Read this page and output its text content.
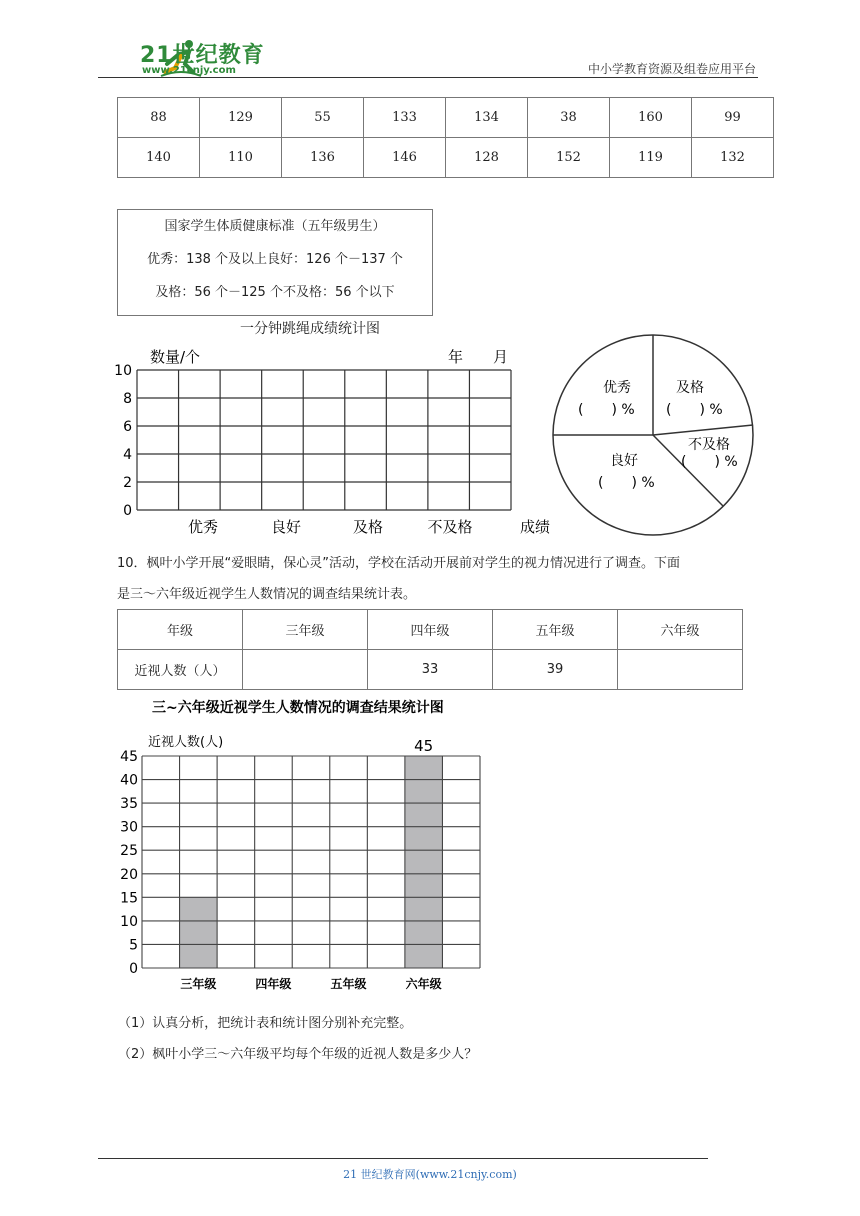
21世纪教育
www.21cnjy.com	中小学教育资源及组卷应用平台
88	129	55	133	134	38	160	99
140	110	136	146	128	152	119	132
国家学生体质健康标准（五年级男生）
优秀：138 个及以上良好：126 个－137 个
及格：56 个－125 个不及格：56 个以下
一分钟跳绳成绩统计图
数量/个	年　　月
0
2
4
6
8
10
优秀	良好	及格	不及格	成绩
优秀
(　　) %
及格
(　　) %
不及格
(　　) %
良好
(　　) %
10．枫叶小学开展“爱眼睛，保心灵”活动，学校在活动开展前对学生的视力情况进行了调查。下面
是三～六年级近视学生人数情况的调查结果统计表。
年级	三年级	四年级	五年级	六年级
近视人数（人）		33	39	
三~六年级近视学生人数情况的调查结果统计图
近视人数(人)
0
5
10
15
20
25
30
35
40
45
三年级	四年级	五年级	六年级
45
（1）认真分析，把统计表和统计图分别补充完整。
（2）枫叶小学三～六年级平均每个年级的近视人数是多少人？
21 世纪教育网(www.21cnjy.com)
